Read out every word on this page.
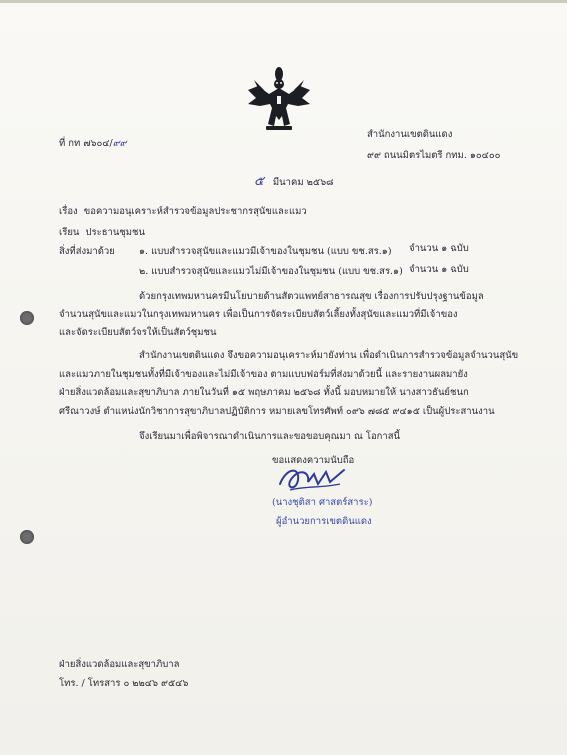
ที่ กท ๗๖๐๔/๙๙
สำนักงานเขตดินแดง
๙๙ ถนนมิตรไมตรี กทม. ๑๐๔๐๐
๕ มีนาคม ๒๕๖๘
เรื่อง ขอความอนุเคราะห์สำรวจข้อมูลประชากรสุนัขและแมว
เรียน ประธานชุมชน
สิ่งที่ส่งมาด้วย	๑. แบบสำรวจสุนัขและแมวมีเจ้าของในชุมชน (แบบ ขช.สร.๑) จำนวน ๑ ฉบับ
๒. แบบสำรวจสุนัขและแมวไม่มีเจ้าของในชุมชน (แบบ ขช.สร.๑) จำนวน ๑ ฉบับ
ด้วยกรุงเทพมหานครมีนโยบายด้านสัตวแพทย์สาธารณสุข เรื่องการปรับปรุงฐานข้อมูล
จำนวนสุนัขและแมวในกรุงเทพมหานคร เพื่อเป็นการจัดระเบียบสัตว์เลี้ยงทั้งสุนัขและแมวที่มีเจ้าของ
และจัดระเบียบสัตว์จรให้เป็นสัตว์ชุมชน
สำนักงานเขตดินแดง จึงขอความอนุเคราะห์มายังท่าน เพื่อดำเนินการสำรวจข้อมูลจำนวนสุนัข
และแมวภายในชุมชนทั้งที่มีเจ้าของและไม่มีเจ้าของ ตามแบบฟอร์มที่ส่งมาด้วยนี้ และรายงานผลมายัง
ฝ่ายสิ่งแวดล้อมและสุขาภิบาล ภายในวันที่ ๑๕ พฤษภาคม ๒๕๖๘ ทั้งนี้ มอบหมายให้ นางสาวธันย์ชนก
ศรีณาวงษ์ ตำแหน่งนักวิชาการสุขาภิบาลปฏิบัติการ หมายเลขโทรศัพท์ ๐๙๖ ๗๘๕ ๙๔๑๕ เป็นผู้ประสานงาน
จึงเรียนมาเพื่อพิจารณาดำเนินการและขอขอบคุณมา ณ โอกาสนี้
ขอแสดงความนับถือ
(นางชุติสา ศาสตร์สาระ)
ผู้อำนวยการเขตดินแดง
ฝ่ายสิ่งแวดล้อมและสุขาภิบาล
โทร. / โทรสาร ๐ ๒๒๔๖ ๙๕๔๖
